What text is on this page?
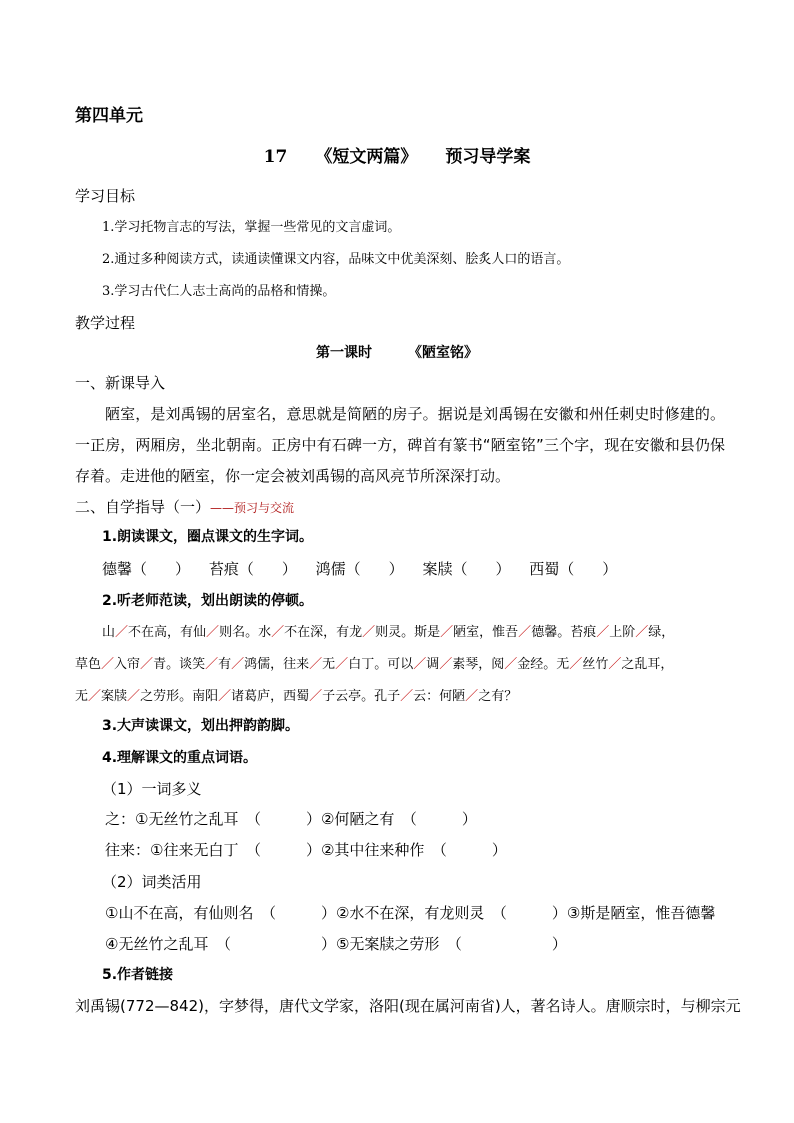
第四单元
17 《短文两篇》 预习导学案
学习目标
1.学习托物言志的写法，掌握一些常见的文言虚词。
2.通过多种阅读方式，读通读懂课文内容，品味文中优美深刻、脍炙人口的语言。
3.学习古代仁人志士高尚的品格和情操。
教学过程
第一课时	《陋室铭》
一、新课导入
陋室，是刘禹锡的居室名，意思就是简陋的房子。据说是刘禹锡在安徽和州任刺史时修建的。一正房，两厢房，坐北朝南。正房中有石碑一方，碑首有篆书“陋室铭”三个字，现在安徽和县仍保存着。走进他的陋室，你一定会被刘禹锡的高风亮节所深深打动。
二、自学指导（一）——预习与交流
1.朗读课文，圈点课文的生字词。
德馨（ ） 苔痕（ ） 鸿儒（ ） 案牍（ ） 西蜀（ ）
2.听老师范读，划出朗读的停顿。
山／不在高，有仙／则名。水／不在深，有龙／则灵。斯是／陋室，惟吾／德馨。苔痕／上阶／绿，
草色／入帘／青。谈笑／有／鸿儒，往来／无／白丁。可以／调／素琴，阅／金经。无／丝竹／之乱耳，
无／案牍／之劳形。南阳／诸葛庐，西蜀／子云亭。孔子／云：何陋／之有？
3.大声读课文，划出押韵韵脚。
4.理解课文的重点词语。
（1）一词多义
之：①无丝竹之乱耳　（　　　）②何陋之有　（　　　）
往来：①往来无白丁　（　　　）②其中往来种作　（　　　）
（2）词类活用
①山不在高，有仙则名　（　　　）②水不在深，有龙则灵　（　　　）③斯是陋室，惟吾德馨
④无丝竹之乱耳　（　　　　　　）⑤无案牍之劳形　（　　　　　　）
5.作者链接
刘禹锡(772—842)，字梦得，唐代文学家，洛阳(现在属河南省)人，著名诗人。唐顺宗时，与柳宗元
